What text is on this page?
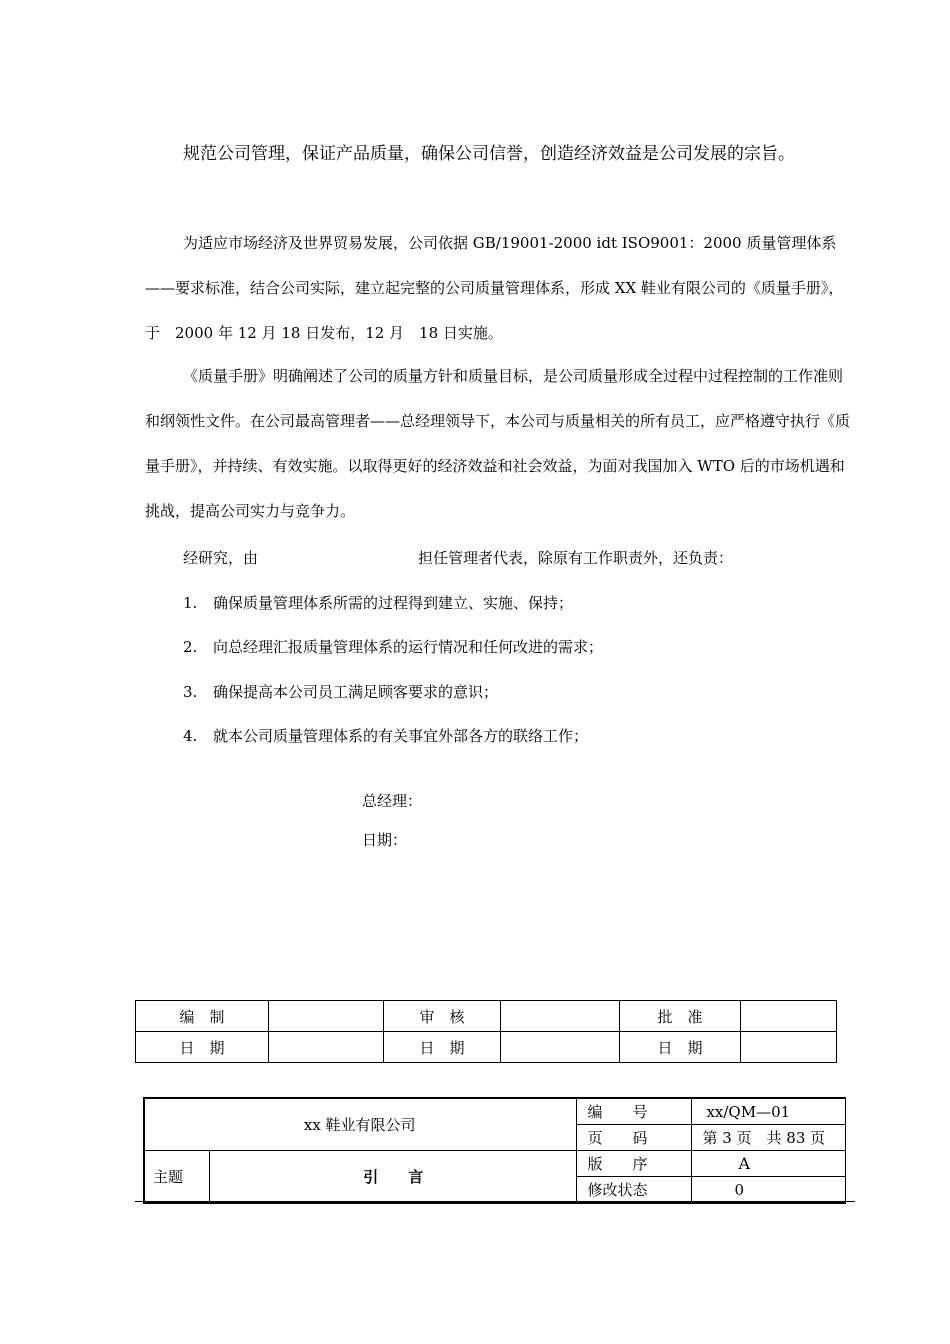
规范公司管理，保证产品质量，确保公司信誉，创造经济效益是公司发展的宗旨。

为适应市场经济及世界贸易发展，公司依据 GB/19001-2000 idt ISO9001：2000 质量管理体系——要求标准，结合公司实际，建立起完整的公司质量管理体系，形成 XX 鞋业有限公司的《质量手册》，于　2000 年 12 月 18 日发布，12 月　18 日实施。

《质量手册》明确阐述了公司的质量方针和质量目标，是公司质量形成全过程中过程控制的工作准则和纲领性文件。在公司最高管理者——总经理领导下，本公司与质量相关的所有员工，应严格遵守执行《质量手册》，并持续、有效实施。以取得更好的经济效益和社会效益，为面对我国加入 WTO 后的市场机遇和挑战，提高公司实力与竞争力。

经研究，由	担任管理者代表，除原有工作职责外，还负责：
1. 确保质量管理体系所需的过程得到建立、实施、保持；
2. 向总经理汇报质量管理体系的运行情况和任何改进的需求；
3. 确保提高本公司员工满足顾客要求的意识；
4. 就本公司质量管理体系的有关事宜外部各方的联络工作；
总经理：
日期：
编　制		审　核		批　准	
日　期		日　期		日　期	
xx 鞋业有限公司		编　　号	xx/QM—01
		页　　码	第 3 页　共 83 页
主题	引　　言	版　　序	A
		修改状态	0
